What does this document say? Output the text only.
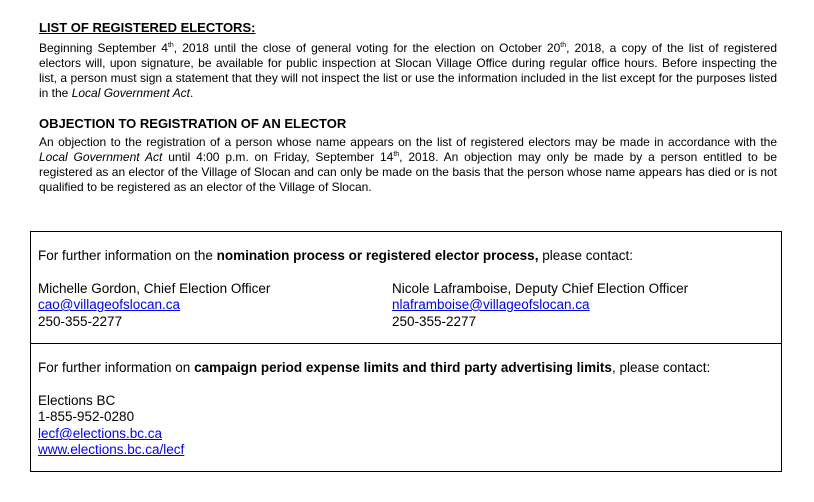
LIST OF REGISTERED ELECTORS:

Beginning September 4th, 2018 until the close of general voting for the election on October 20th, 2018, a copy of the list of registered electors will, upon signature, be available for public inspection at Slocan Village Office during regular office hours. Before inspecting the list, a person must sign a statement that they will not inspect the list or use the information included in the list except for the purposes listed in the Local Government Act.

OBJECTION TO REGISTRATION OF AN ELECTOR

An objection to the registration of a person whose name appears on the list of registered electors may be made in accordance with the Local Government Act until 4:00 p.m. on Friday, September 14th, 2018. An objection may only be made by a person entitled to be registered as an elector of the Village of Slocan and can only be made on the basis that the person whose name appears has died or is not qualified to be registered as an elector of the Village of Slocan.

For further information on the nomination process or registered elector process, please contact:
Michelle Gordon, Chief Election Officer
cao@villageofslocan.ca
250-355-2277
Nicole Laframboise, Deputy Chief Election Officer
nlaframboise@villageofslocan.ca
250-355-2277
For further information on campaign period expense limits and third party advertising limits, please contact:
Elections BC
1-855-952-0280
lecf@elections.bc.ca
www.elections.bc.ca/lecf
